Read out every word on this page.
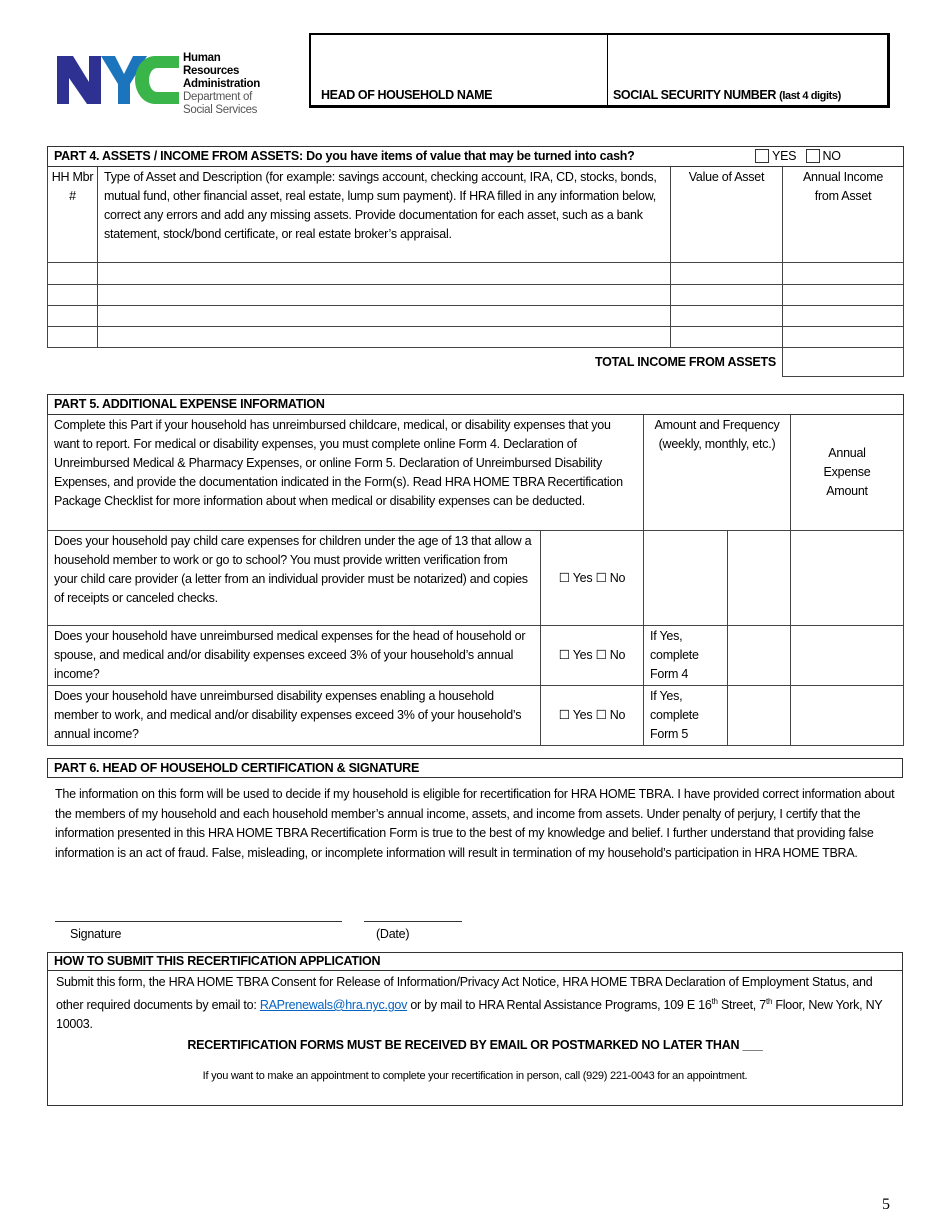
Human Resources
Administration
Department of
Social Services
HEAD OF HOUSEHOLD NAME	SOCIAL SECURITY NUMBER (last 4 digits)
PART 4. ASSETS / INCOME FROM ASSETS: Do you have items of value that may be turned into cash? YES NO			

HH Mbr #	Type of Asset and Description (for example: savings account, checking account, IRA, CD, stocks, bonds, mutual fund, other financial asset, real estate, lump sum payment). If HRA filled in any information below, correct any errors and add any missing assets. Provide documentation for each asset, such as a bank statement, stock/bond certificate, or real estate broker’s appraisal.	Value of Asset	Annual Income from Asset

TOTAL INCOME FROM ASSETS			
PART 5. ADDITIONAL EXPENSE INFORMATION				
Complete this Part if your household has unreimbursed childcare, medical, or disability expenses that you want to report. For medical or disability expenses, you must complete online Form 4. Declaration of Unreimbursed Medical & Pharmacy Expenses, or online Form 5. Declaration of Unreimbursed Disability Expenses, and provide the documentation indicated in the Form(s). Read HRA HOME TBRA Recertification Package Checklist for more information about when medical or disability expenses can be deducted.		Amount and Frequency (weekly, monthly, etc.)		Annual Expense Amount
Does your household pay child care expenses for children under the age of 13 that allow a household member to work or go to school? You must provide written verification from your child care provider (a letter from an individual provider must be notarized) and copies of receipts or canceled checks.	☐ Yes ☐ No			
Does your household have unreimbursed medical expenses for the head of household or spouse, and medical and/or disability expenses exceed 3% of your household’s annual income?	☐ Yes ☐ No	If Yes, complete Form 4		
Does your household have unreimbursed disability expenses enabling a household member to work, and medical and/or disability expenses exceed 3% of your household’s annual income?	☐ Yes ☐ No	If Yes, complete Form 5		
PART 6. HEAD OF HOUSEHOLD CERTIFICATION & SIGNATURE
The information on this form will be used to decide if my household is eligible for recertification for HRA HOME TBRA. I have provided correct information about the members of my household and each household member’s annual income, assets, and income from assets. Under penalty of perjury, I certify that the information presented in this HRA HOME TBRA Recertification Form is true to the best of my knowledge and belief. I further understand that providing false information is an act of fraud. False, misleading, or incomplete information will result in termination of my household’s participation in HRA HOME TBRA.
Signature	(Date)
HOW TO SUBMIT THIS RECERTIFICATION APPLICATION
Submit this form, the HRA HOME TBRA Consent for Release of Information/Privacy Act Notice, HRA HOME TBRA Declaration of Employment Status, and other required documents by email to: RAPrenewals@hra.nyc.gov or by mail to HRA Rental Assistance Programs, 109 E 16th Street, 7th Floor, New York, NY 10003.
RECERTIFICATION FORMS MUST BE RECEIVED BY EMAIL OR POSTMARKED NO LATER THAN ___
If you want to make an appointment to complete your recertification in person, call (929) 221-0043 for an appointment.
5
